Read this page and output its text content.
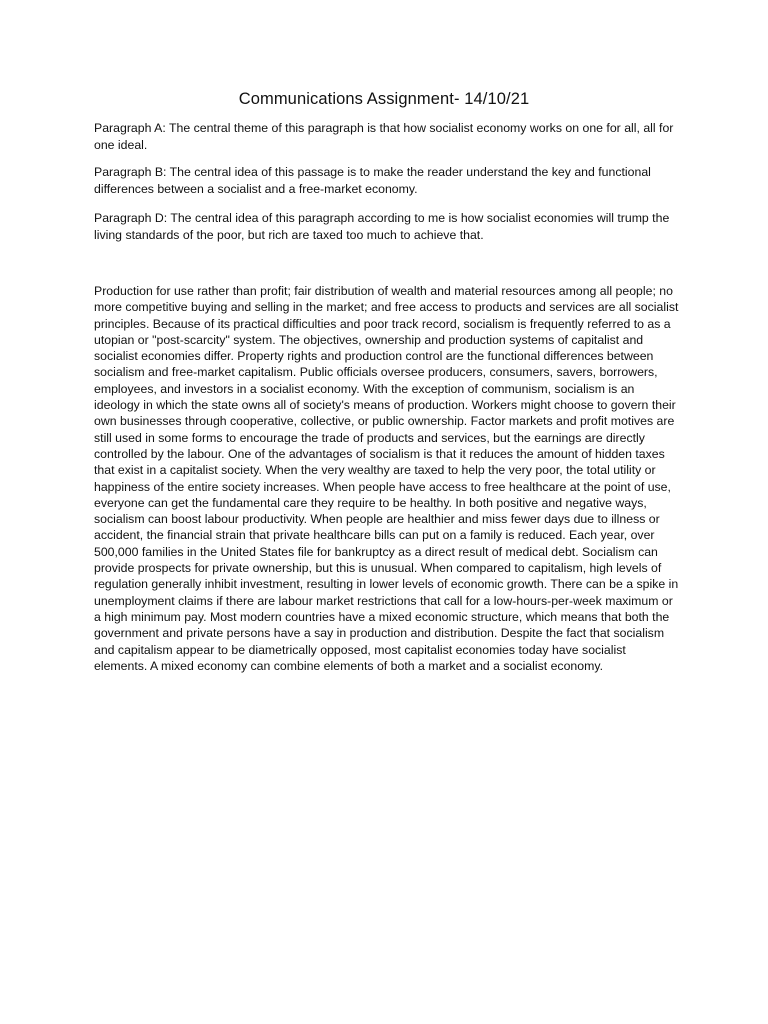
Communications Assignment- 14/10/21

Paragraph A: The central theme of this paragraph is that how socialist economy works on one for all, all for one ideal.

Paragraph B: The central idea of this passage is to make the reader understand the key and functional differences between a socialist and a free-market economy.

Paragraph D: The central idea of this paragraph according to me is how socialist economies will trump the living standards of the poor, but rich are taxed too much to achieve that.

Production for use rather than profit; fair distribution of wealth and material resources among all people; no more competitive buying and selling in the market; and free access to products and services are all socialist principles. Because of its practical difficulties and poor track record, socialism is frequently referred to as a utopian or "post-scarcity" system. The objectives, ownership and production systems of capitalist and socialist economies differ. Property rights and production control are the functional differences between socialism and free-market capitalism. Public officials oversee producers, consumers, savers, borrowers, employees, and investors in a socialist economy. With the exception of communism, socialism is an ideology in which the state owns all of society's means of production. Workers might choose to govern their own businesses through cooperative, collective, or public ownership. Factor markets and profit motives are still used in some forms to encourage the trade of products and services, but the earnings are directly controlled by the labour. One of the advantages of socialism is that it reduces the amount of hidden taxes that exist in a capitalist society. When the very wealthy are taxed to help the very poor, the total utility or happiness of the entire society increases. When people have access to free healthcare at the point of use, everyone can get the fundamental care they require to be healthy. In both positive and negative ways, socialism can boost labour productivity. When people are healthier and miss fewer days due to illness or accident, the financial strain that private healthcare bills can put on a family is reduced. Each year, over 500,000 families in the United States file for bankruptcy as a direct result of medical debt. Socialism can provide prospects for private ownership, but this is unusual. When compared to capitalism, high levels of regulation generally inhibit investment, resulting in lower levels of economic growth. There can be a spike in unemployment claims if there are labour market restrictions that call for a low-hours-per-week maximum or a high minimum pay. Most modern countries have a mixed economic structure, which means that both the government and private persons have a say in production and distribution. Despite the fact that socialism and capitalism appear to be diametrically opposed, most capitalist economies today have socialist elements. A mixed economy can combine elements of both a market and a socialist economy.
